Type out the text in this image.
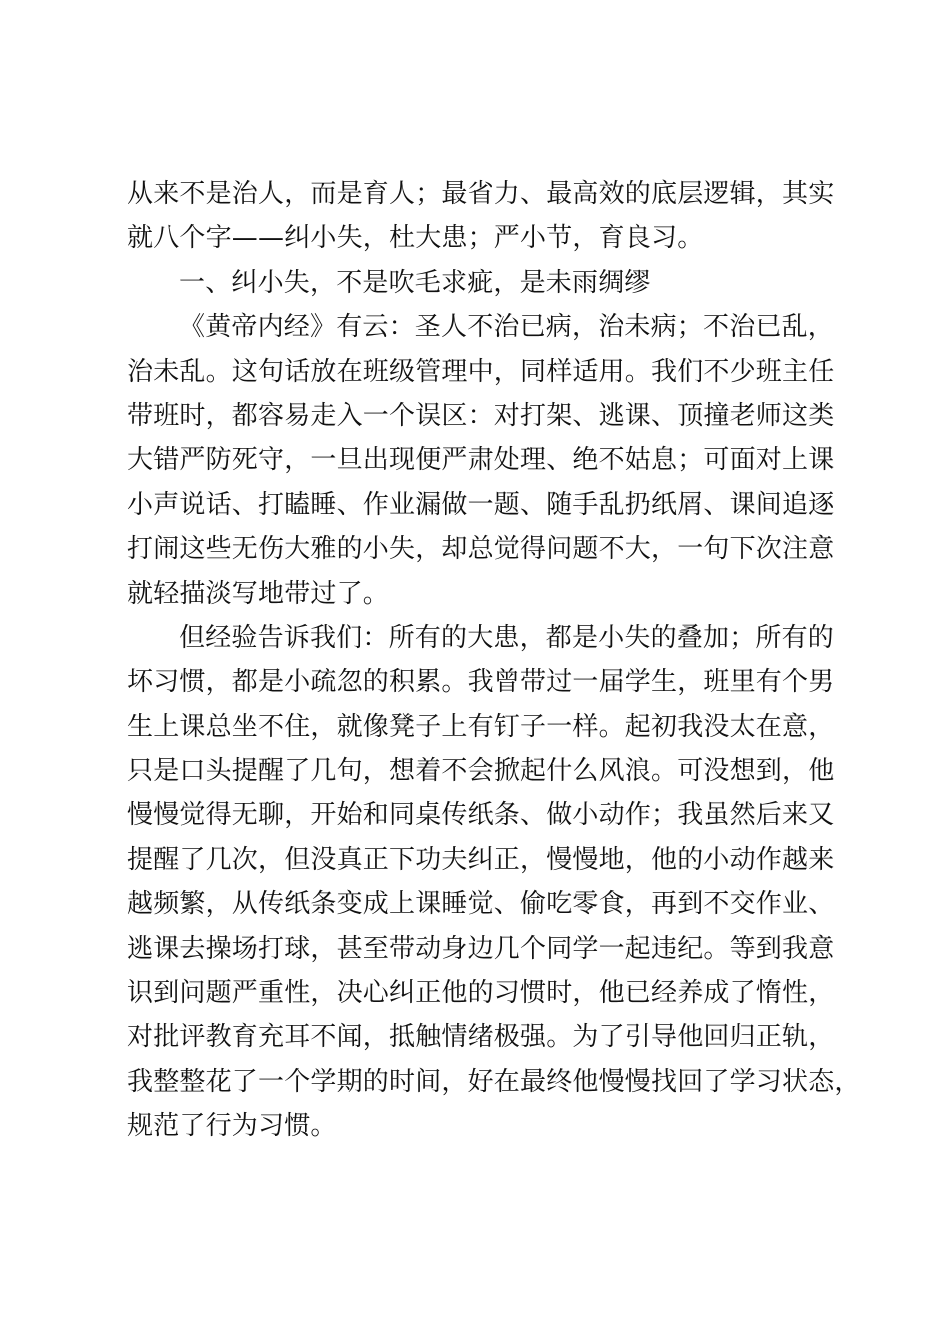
从来不是治人，而是育人；最省力、最高效的底层逻辑，其实
就八个字——纠小失，杜大患；严小节，育良习。
一、纠小失，不是吹毛求疵，是未雨绸缪
《黄帝内经》有云：圣人不治已病，治未病；不治已乱，
治未乱。这句话放在班级管理中，同样适用。我们不少班主任
带班时，都容易走入一个误区：对打架、逃课、顶撞老师这类
大错严防死守，一旦出现便严肃处理、绝不姑息；可面对上课
小声说话、打瞌睡、作业漏做一题、随手乱扔纸屑、课间追逐
打闹这些无伤大雅的小失，却总觉得问题不大，一句下次注意
就轻描淡写地带过了。
但经验告诉我们：所有的大患，都是小失的叠加；所有的
坏习惯，都是小疏忽的积累。我曾带过一届学生，班里有个男
生上课总坐不住，就像凳子上有钉子一样。起初我没太在意，
只是口头提醒了几句，想着不会掀起什么风浪。可没想到，他
慢慢觉得无聊，开始和同桌传纸条、做小动作；我虽然后来又
提醒了几次，但没真正下功夫纠正，慢慢地，他的小动作越来
越频繁，从传纸条变成上课睡觉、偷吃零食，再到不交作业、
逃课去操场打球，甚至带动身边几个同学一起违纪。等到我意
识到问题严重性，决心纠正他的习惯时，他已经养成了惰性，
对批评教育充耳不闻，抵触情绪极强。为了引导他回归正轨，
我整整花了一个学期的时间，好在最终他慢慢找回了学习状态，
规范了行为习惯。
